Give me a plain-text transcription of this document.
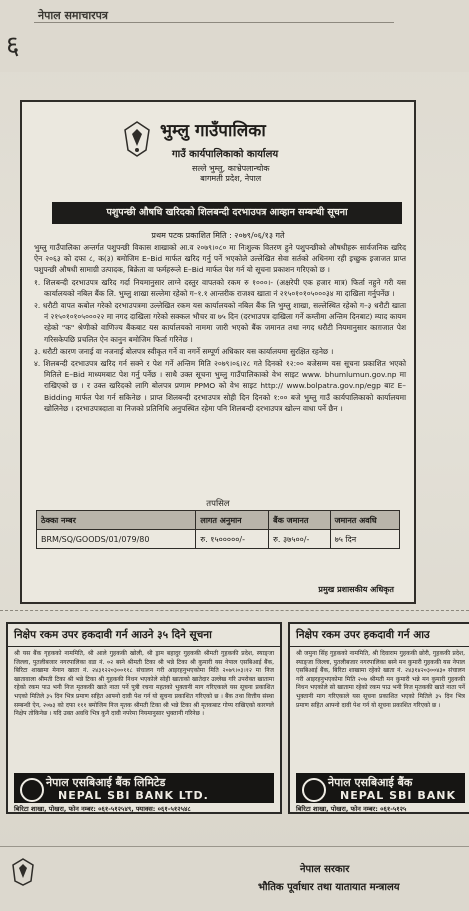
६
नेपाल समाचारपत्र
भुम्लु गाउँपालिका
गाउँ कार्यपालिकाको कार्यालय
सल्ले भुम्लु, काभ्रेपलान्चोक
बागमती प्रदेश, नेपाल
पशुपन्छी औषधि खरिदको शिलबन्दी दरभाउपत्र आव्हान सम्बन्धी सूचना
प्रथम पटक प्रकाशित मिति : २०७९/०६/१३ गते

भुम्लु गाउँपालिका अन्तर्गत पशुपन्छी विकास शाखाको आ.व २०७९।०८० मा निःशुल्क वितरण हुने पशुपन्छीको औषधीहरू सार्वजनिक खरिद ऐन २०६३ को दफा ८, क(३) बमोजिम E–Bid मार्फत खरिद गर्नु पर्ने भएकोले उल्लेखित सेवा सर्तको अधिनमा रही इच्छुक इजाजत प्राप्त पशुपन्छी औषधी सामाग्री उत्पादक, बिक्रेता वा फर्महरूले E–Bid मार्फत पेश गर्न यो सूचना प्रकाशन गरिएको छ ।

१. शिलबन्दी दरभाउपत्र खरिद गर्दा नियमानुसार लाग्ने दस्तुर वापतको रकम रु १०००।- (अक्षरेपी एक हजार मात्र) फिर्ता नहुने गरी यस कार्यालयको नबिल बैंक लि. भुम्लु शाखा सल्लेमा रहेको ग–१.१ आन्तरीक राजश्व खाता नं २१५०१०१०५०००३४ मा दाखिला गर्नुपर्नेछ ।

२. धरौटी वापत कबोल गरेको दरभाउपत्रमा उल्लेखित रकम यस कार्यालयको नबिल बैंक लि भुम्लु शाखा, सल्लेस्थित रहेको ग–३ धरौटी खाता नं २१५०१०१०५०००२२ मा नगद दाखिला गरेको सक्कल भौचर वा ७५ दिन (दरभाउपत्र दाखिला गर्ने कम्तीमा अन्तिम दिनबाट) म्याद कायम रहेको "क" श्रेणीको वाणिज्य बैंकबाट यस कार्यालयको नाममा जारी भएको बैंक जमानत तथा नगद धरौटी नियमानुसार काग़जात पेश गरिसकेपछि प्रचलित ऐन कानुन बमोजिम फिर्ता गरिनेछ ।

३. धरौटी कारण जनाई वा नजनाई बोलपत्र स्वीकृत गर्ने वा नगर्ने सम्पूर्ण अधिकार यस कार्यालयमा सुरक्षित रहनेछ ।

४. शिलबन्दी दरभाउपत्र खरिद गर्न सक्ने र पेश गर्ने अन्तिम मिति २०७९।०६।२८ गते दिनको १२:०० बजेसम्म यस सूचना प्रकाशित भएको मितिले E–Bid माध्यमबाट पेश गर्नु पर्नेछ । साथै उक्त सूचना भुम्लु गाउँपालिकाको वेभ साइट www. bhumlumun.gov.np मा राखिएको छ । र उक्त खरिदको लागि बोलपत्र प्रणाम PPMO को वेभ साइट http:// www.bolpatra.gov.np/egp बाट E– Bidding मार्फत पेश गर्न सकिनेछ । प्राप्त शिलबन्दी दरभाउपत्र सोही दिन दिनको १:०० बजे भुम्लु गाउँ कार्यपालिकाको कार्यालयमा खोलिनेछ । दरभाउपत्रदाता वा निजको प्रतिनिधि अनुपस्थित रहेमा पनि शिलबन्दी दरभाउपत्र खोल्न वाधा पर्ने छैन ।

तपसिल
ठेक्का नम्बर	लागत अनुमान	बैंक जमानत	जमानत अवधि
BRM/SQ/GOODS/01/079/80	रु. १५०००००/-	रु. ३७५००/-	७५ दिन
प्रमुख प्रशासकीय अधिकृत
निक्षेप रकम उपर हकदावी गर्न आउने ३५ दिने सूचना
श्री यस बैंक गृहकको नाममिति, श्री आले गुहककी खोली, श्री ड्राम बहादुर गुहककी श्रीमती गुहककी प्रदेश, स्याङ्जा जिल्ला, पुतलीबजार नगरपालिका वडा नं. ०२ बस्ने श्रीमती टिका श्री भन्ने टिका श्री कुमारी यस नेपाल एसबिआई बैंक, बिरिटा शाखामा मेनान खाता नं. २४३१२२०३००११८ संचालन गरी आइरहनुभएकोमा मिति २०७९।०३।१२ मा निज खातावाला श्रीमती टिका श्री भन्ने टिका श्री गुहककी निधन भएकोले सोही खाताको खातेदार उल्लेख गरि उपरोक्त खातामा रहेको रकम पाउ भनी निज मृतककी खाते नाता पर्ने पुत्री रचना महतको भुक्तानी माग गरिएकाले यस सूचना प्रकाशित भएको मितिले ३५ दिन भित्र प्रमाण सहित आफ्नो दावी पेश गर्न यो सूचना प्रकाशित गरिएको छ । बैंक तथा वित्तीय संस्था सम्बन्धी ऐन, २०७३ को दफा १११ बमोजिम निज मृतक श्रीमती टिका श्री भन्ने टिका श्री मृतकबाट गोप्य राखिएको कारणले निक्षेप तोकिनेछ । यदि उक्त अवधि भित्र कुनै दावी नपरेमा नियमानुसार भुक्तानी गरिनेछ ।
नेपाल एसबिआई बैंक लिमिटेड
NEPAL SBI BANK LTD.
बिरिटा शाखा, पोखरा, फोन नम्बर: ०६१-५१२५४९, फ्याक्स: ०६१-५१२५४८
निक्षेप रकम उपर हकदावी गर्न आउ
श्री जमुना सिंह गुहकको नाममिति, श्री दिवाराम गुहककी छोरी, गुहककी प्रदेश, स्याङ्जा जिल्ला, पुतलीबजार नगरपालिका बस्ने मन कुमारी गुहककी यस नेपाल एसबिआई बैंक, बिरिटा शाखामा रहेको खाता नं. २४३१४२०३००४३० संचालन गरी आइरहनुभएकोमा मिति २०७ श्रीमती मन कुमारी भन्ने मन कुमारी गुहककी निधन भएकोले सो खातामा रहेको रकम पाउ भनी निज मृतककी खाते नाता पर्ने भुक्तानी माग गरिएकाले यस सूचना प्रकाशित भएको मितिले ३५ दिन भित्र प्रमाण सहित आफ्नो दावी पेश गर्न यो सूचना प्रकाशित गरिएको छ ।
नेपाल एसबिआई बैंक
NEPAL SBI BANK
बिरिटा शाखा, पोखरा, फोन नम्बर: ०६१-५१२५
नेपाल सरकार
भौतिक पूर्वाधार तथा यातायात मन्त्रालय
